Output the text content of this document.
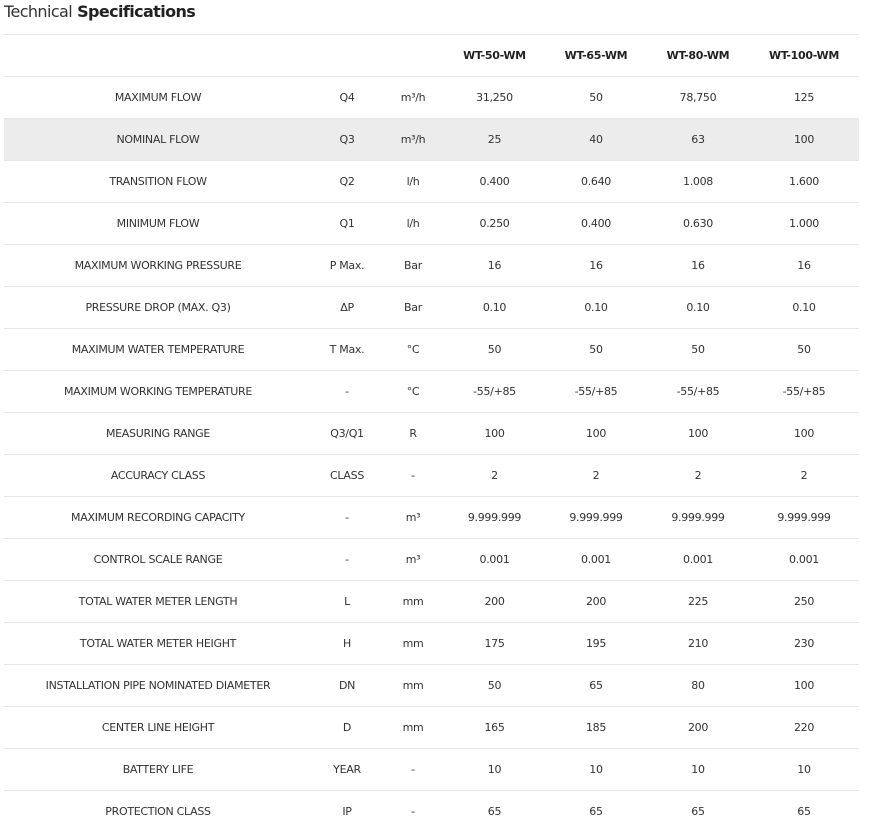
Technical Specifications
			WT-50-WM	WT-65-WM	WT-80-WM	WT-100-WM
MAXIMUM FLOW	Q4	m³/h	31,250	50	78,750	125
NOMINAL FLOW	Q3	m³/h	25	40	63	100
TRANSITION FLOW	Q2	l/h	0.400	0.640	1.008	1.600
MINIMUM FLOW	Q1	l/h	0.250	0.400	0.630	1.000
MAXIMUM WORKING PRESSURE	P Max.	Bar	16	16	16	16
PRESSURE DROP (MAX. Q3)	ΔP	Bar	0.10	0.10	0.10	0.10
MAXIMUM WATER TEMPERATURE	T Max.	°C	50	50	50	50
MAXIMUM WORKING TEMPERATURE	-	°C	-55/+85	-55/+85	-55/+85	-55/+85
MEASURING RANGE	Q3/Q1	R	100	100	100	100
ACCURACY CLASS	CLASS	-	2	2	2	2
MAXIMUM RECORDING CAPACITY	-	m³	9.999.999	9.999.999	9.999.999	9.999.999
CONTROL SCALE RANGE	-	m³	0.001	0.001	0.001	0.001
TOTAL WATER METER LENGTH	L	mm	200	200	225	250
TOTAL WATER METER HEIGHT	H	mm	175	195	210	230
INSTALLATION PIPE NOMINATED DIAMETER	DN	mm	50	65	80	100
CENTER LINE HEIGHT	D	mm	165	185	200	220
BATTERY LIFE	YEAR	-	10	10	10	10
PROTECTION CLASS	IP	-	65	65	65	65
